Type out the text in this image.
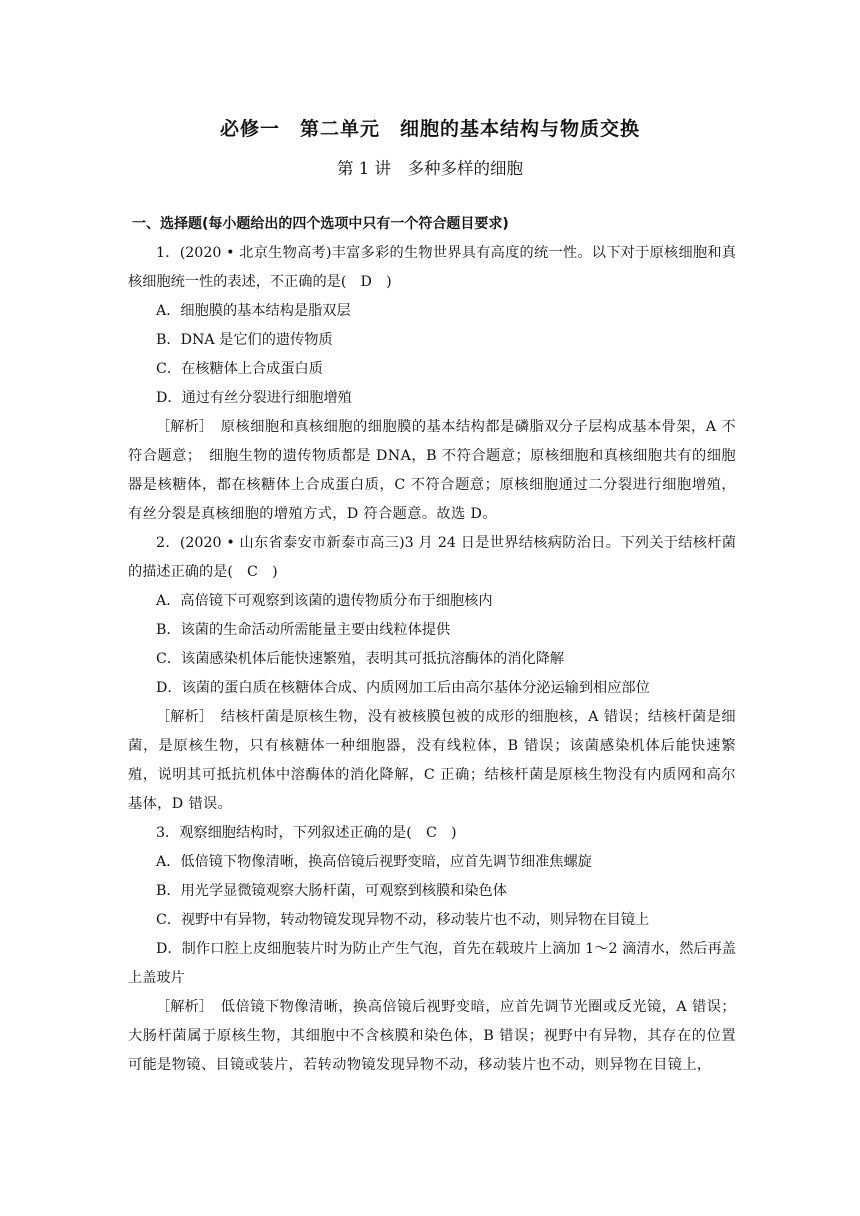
必修一　第二单元　细胞的基本结构与物质交换
第 1 讲　多种多样的细胞

一、选择题(每小题给出的四个选项中只有一个符合题目要求)

1．(2020 • 北京生物高考)丰富多彩的生物世界具有高度的统一性。以下对于原核细胞和真核细胞统一性的表述，不正确的是(　D　)

A．细胞膜的基本结构是脂双层

B．DNA 是它们的遗传物质

C．在核糖体上合成蛋白质

D．通过有丝分裂进行细胞增殖

［解析］　 原核细胞和真核细胞的细胞膜的基本结构都是磷脂双分子层构成基本骨架，A 不符合题意；　细胞生物的遗传物质都是 DNA，B 不符合题意；原核细胞和真核细胞共有的细胞器是核糖体，都在核糖体上合成蛋白质，C 不符合题意；原核细胞通过二分裂进行细胞增殖，有丝分裂是真核细胞的增殖方式，D 符合题意。故选 D。

2．(2020 • 山东省泰安市新泰市高三)3 月 24 日是世界结核病防治日。下列关于结核杆菌的描述正确的是(　C　)

A．高倍镜下可观察到该菌的遗传物质分布于细胞核内

B．该菌的生命活动所需能量主要由线粒体提供

C．该菌感染机体后能快速繁殖，表明其可抵抗溶酶体的消化降解

D．该菌的蛋白质在核糖体合成、内质网加工后由高尔基体分泌运输到相应部位

［解析］　 结核杆菌是原核生物，没有被核膜包被的成形的细胞核，A 错误；结核杆菌是细菌，是原核生物，只有核糖体一种细胞器，没有线粒体，B 错误；该菌感染机体后能快速繁殖，说明其可抵抗机体中溶酶体的消化降解，C 正确；结核杆菌是原核生物没有内质网和高尔基体，D 错误。

3．观察细胞结构时，下列叙述正确的是(　C　)

A．低倍镜下物像清晰，换高倍镜后视野变暗，应首先调节细准焦螺旋

B．用光学显微镜观察大肠杆菌，可观察到核膜和染色体

C．视野中有异物，转动物镜发现异物不动，移动装片也不动，则异物在目镜上

D．制作口腔上皮细胞装片时为防止产生气泡，首先在载玻片上滴加 1～2 滴清水，然后再盖上盖玻片

［解析］　 低倍镜下物像清晰，换高倍镜后视野变暗，应首先调节光圈或反光镜，A 错误；大肠杆菌属于原核生物，其细胞中不含核膜和染色体，B 错误；视野中有异物，其存在的位置可能是物镜、目镜或装片，若转动物镜发现异物不动，移动装片也不动，则异物在目镜上，
